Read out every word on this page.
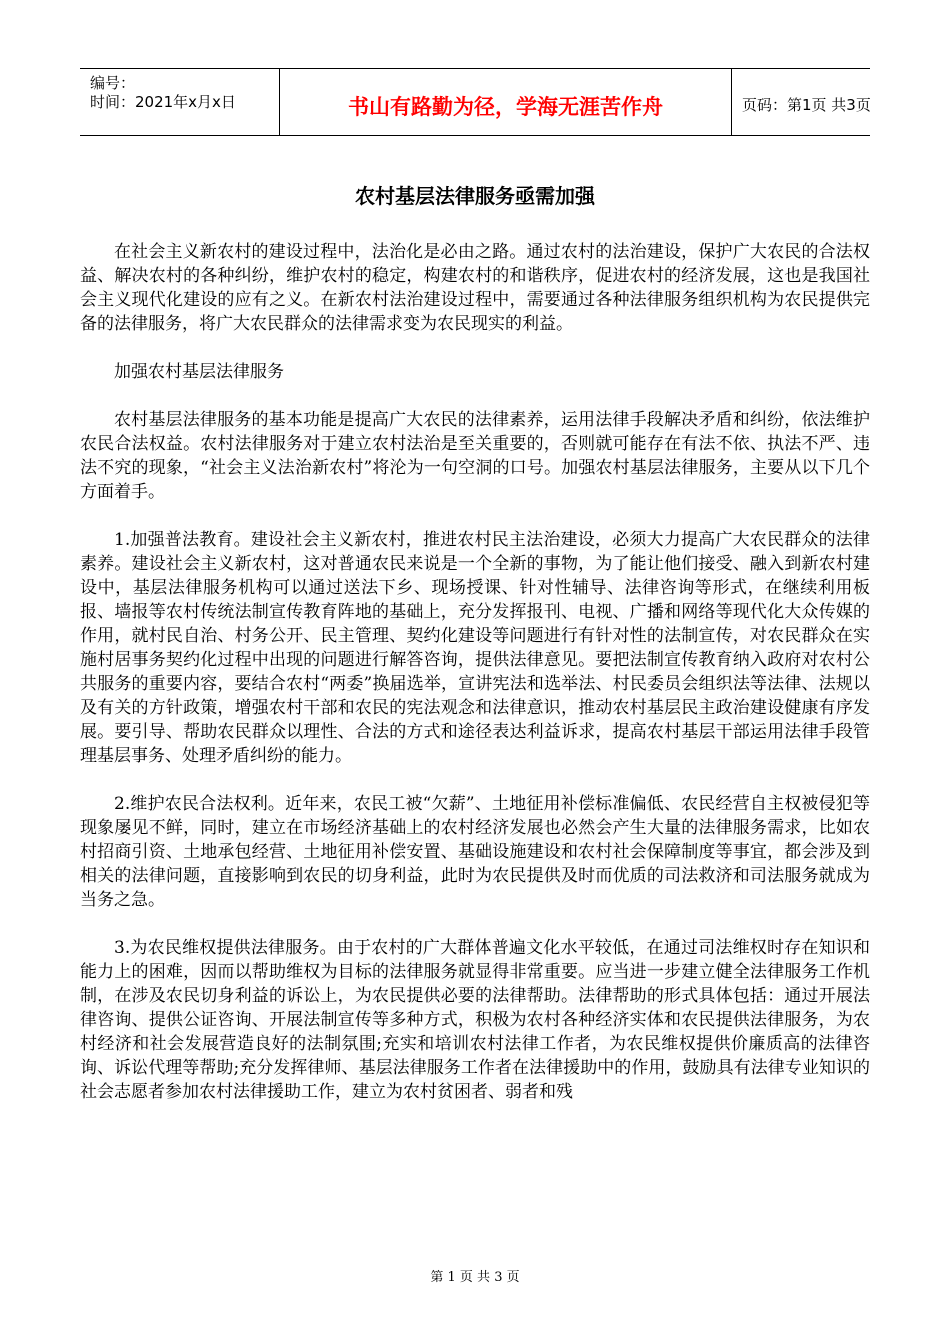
编号：
时间：2021年x月x日	书山有路勤为径，学海无涯苦作舟	页码：第1页 共3页
农村基层法律服务亟需加强

在社会主义新农村的建设过程中，法治化是必由之路。通过农村的法治建设，保护广大农民的合法权益、解决农村的各种纠纷，维护农村的稳定，构建农村的和谐秩序，促进农村的经济发展，这也是我国社会主义现代化建设的应有之义。在新农村法治建设过程中，需要通过各种法律服务组织机构为农民提供完备的法律服务，将广大农民群众的法律需求变为农民现实的利益。

加强农村基层法律服务

农村基层法律服务的基本功能是提高广大农民的法律素养，运用法律手段解决矛盾和纠纷，依法维护农民合法权益。农村法律服务对于建立农村法治是至关重要的，否则就可能存在有法不依、执法不严、违法不究的现象，“社会主义法治新农村”将沦为一句空洞的口号。加强农村基层法律服务，主要从以下几个方面着手。

1.加强普法教育。建设社会主义新农村，推进农村民主法治建设，必须大力提高广大农民群众的法律素养。建设社会主义新农村，这对普通农民来说是一个全新的事物，为了能让他们接受、融入到新农村建设中，基层法律服务机构可以通过送法下乡、现场授课、针对性辅导、法律咨询等形式，在继续利用板报、墙报等农村传统法制宣传教育阵地的基础上，充分发挥报刊、电视、广播和网络等现代化大众传媒的作用，就村民自治、村务公开、民主管理、契约化建设等问题进行有针对性的法制宣传，对农民群众在实施村居事务契约化过程中出现的问题进行解答咨询，提供法律意见。要把法制宣传教育纳入政府对农村公共服务的重要内容，要结合农村“两委”换届选举，宣讲宪法和选举法、村民委员会组织法等法律、法规以及有关的方针政策，增强农村干部和农民的宪法观念和法律意识，推动农村基层民主政治建设健康有序发展。要引导、帮助农民群众以理性、合法的方式和途径表达利益诉求，提高农村基层干部运用法律手段管理基层事务、处理矛盾纠纷的能力。

2.维护农民合法权利。近年来，农民工被“欠薪”、土地征用补偿标准偏低、农民经营自主权被侵犯等现象屡见不鲜，同时，建立在市场经济基础上的农村经济发展也必然会产生大量的法律服务需求，比如农村招商引资、土地承包经营、土地征用补偿安置、基础设施建设和农村社会保障制度等事宜，都会涉及到相关的法律问题，直接影响到农民的切身利益，此时为农民提供及时而优质的司法救济和司法服务就成为当务之急。

3.为农民维权提供法律服务。由于农村的广大群体普遍文化水平较低，在通过司法维权时存在知识和能力上的困难，因而以帮助维权为目标的法律服务就显得非常重要。应当进一步建立健全法律服务工作机制，在涉及农民切身利益的诉讼上，为农民提供必要的法律帮助。法律帮助的形式具体包括：通过开展法律咨询、提供公证咨询、开展法制宣传等多种方式，积极为农村各种经济实体和农民提供法律服务，为农村经济和社会发展营造良好的法制氛围;充实和培训农村法律工作者，为农民维权提供价廉质高的法律咨询、诉讼代理等帮助;充分发挥律师、基层法律服务工作者在法律援助中的作用，鼓励具有法律专业知识的社会志愿者参加农村法律援助工作，建立为农村贫困者、弱者和残

第 1 页 共 3 页
